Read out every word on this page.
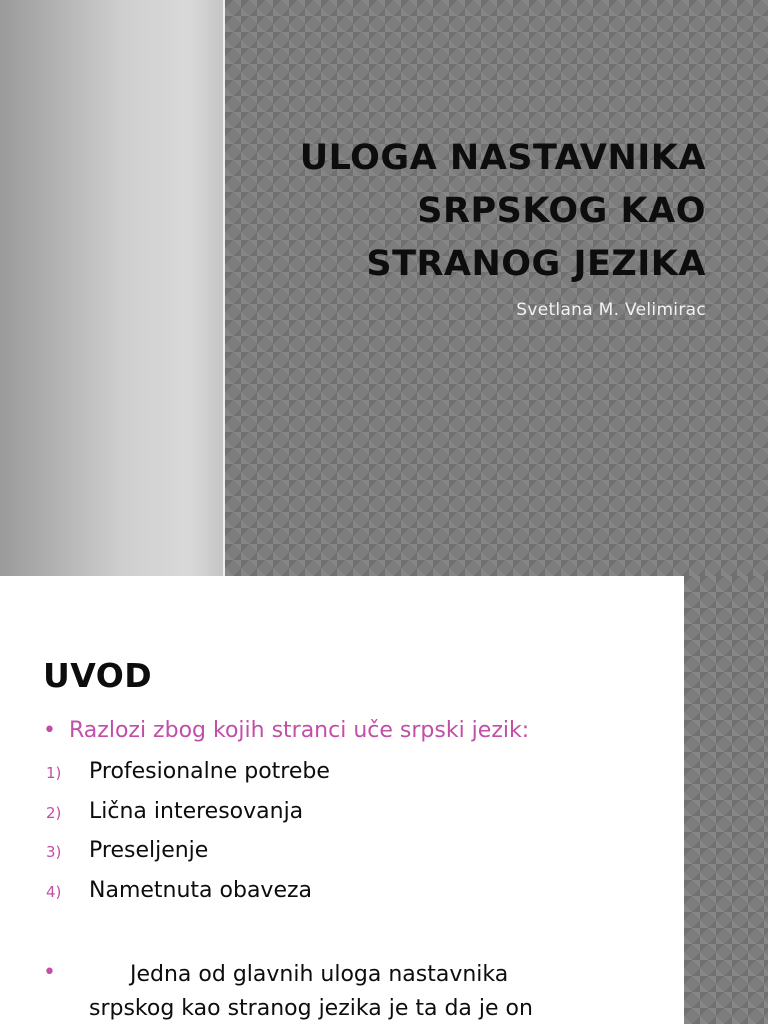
ULOGA NASTAVNIKA
SRPSKOG KAO
STRANOG JEZIKA
Svetlana M. Velimirac
UVOD
• Razlozi zbog kojih stranci uče srpski jezik:
1) Profesionalne potrebe
2) Lična interesovanja
3) Preseljenje
4) Nametnuta obaveza
•	Jedna od glavnih uloga nastavnika
srpskog kao stranog jezika je ta da je on
